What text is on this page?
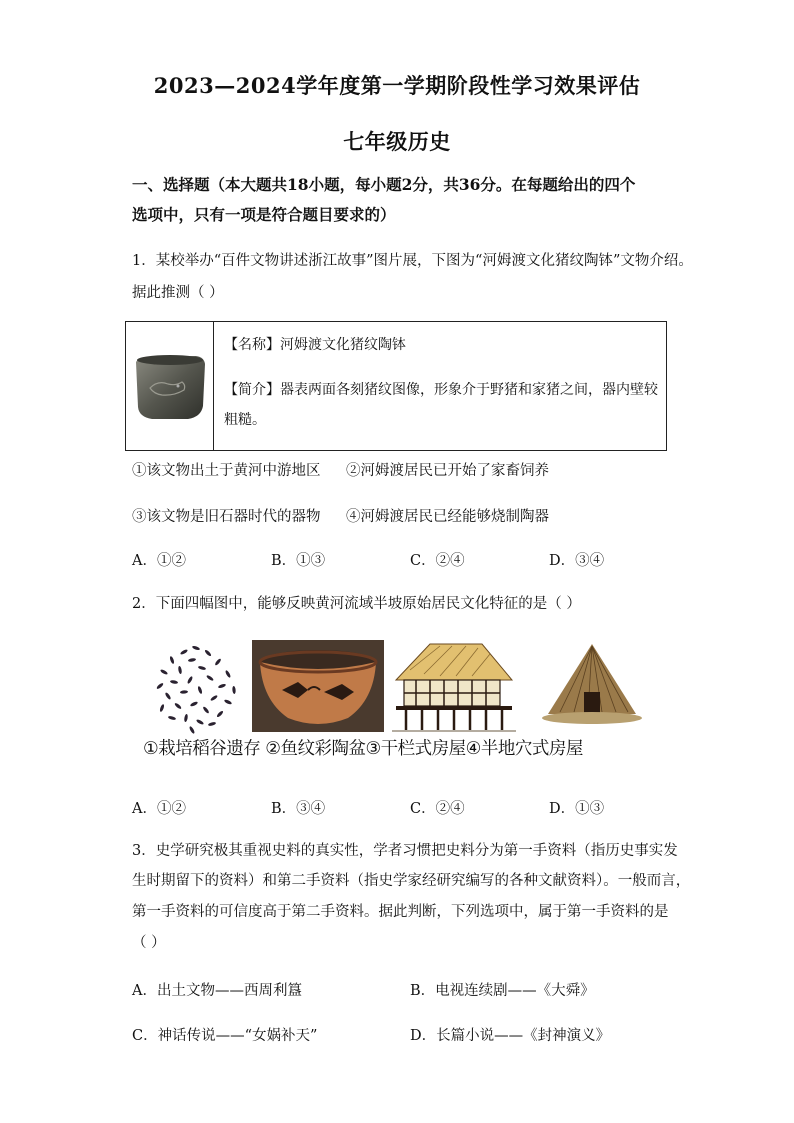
2023—2024学年度第一学期阶段性学习效果评估
七年级历史
一、选择题（本大题共18小题，每小题2分，共36分。在每题给出的四个
选项中，只有一项是符合题目要求的）
1．某校举办“百件文物讲述浙江故事”图片展，下图为“河姆渡文化猪纹陶钵”文物介绍。
据此推测（ ）
【名称】河姆渡文化猪纹陶钵
【简介】器表两面各刻猪纹图像，形象介于野猪和家猪之间，器内壁较
粗糙。
①该文物出土于黄河中游地区 ②河姆渡居民已开始了家畜饲养
③该文物是旧石器时代的器物 ④河姆渡居民已经能够烧制陶器
A．①②	B．①③	C．②④	D．③④
2．下面四幅图中，能够反映黄河流域半坡原始居民文化特征的是（ ）
①栽培稻谷遗存 ②鱼纹彩陶盆③干栏式房屋④半地穴式房屋
A．①②	B．③④	C．②④	D．①③
3．史学研究极其重视史料的真实性，学者习惯把史料分为第一手资料（指历史事实发
生时期留下的资料）和第二手资料（指史学家经研究编写的各种文献资料）。一般而言，
第一手资料的可信度高于第二手资料。据此判断，下列选项中，属于第一手资料的是
（ ）
A．出土文物——西周利簋	B．电视连续剧——《大舜》
C．神话传说——“女娲补天”	D．长篇小说——《封神演义》
